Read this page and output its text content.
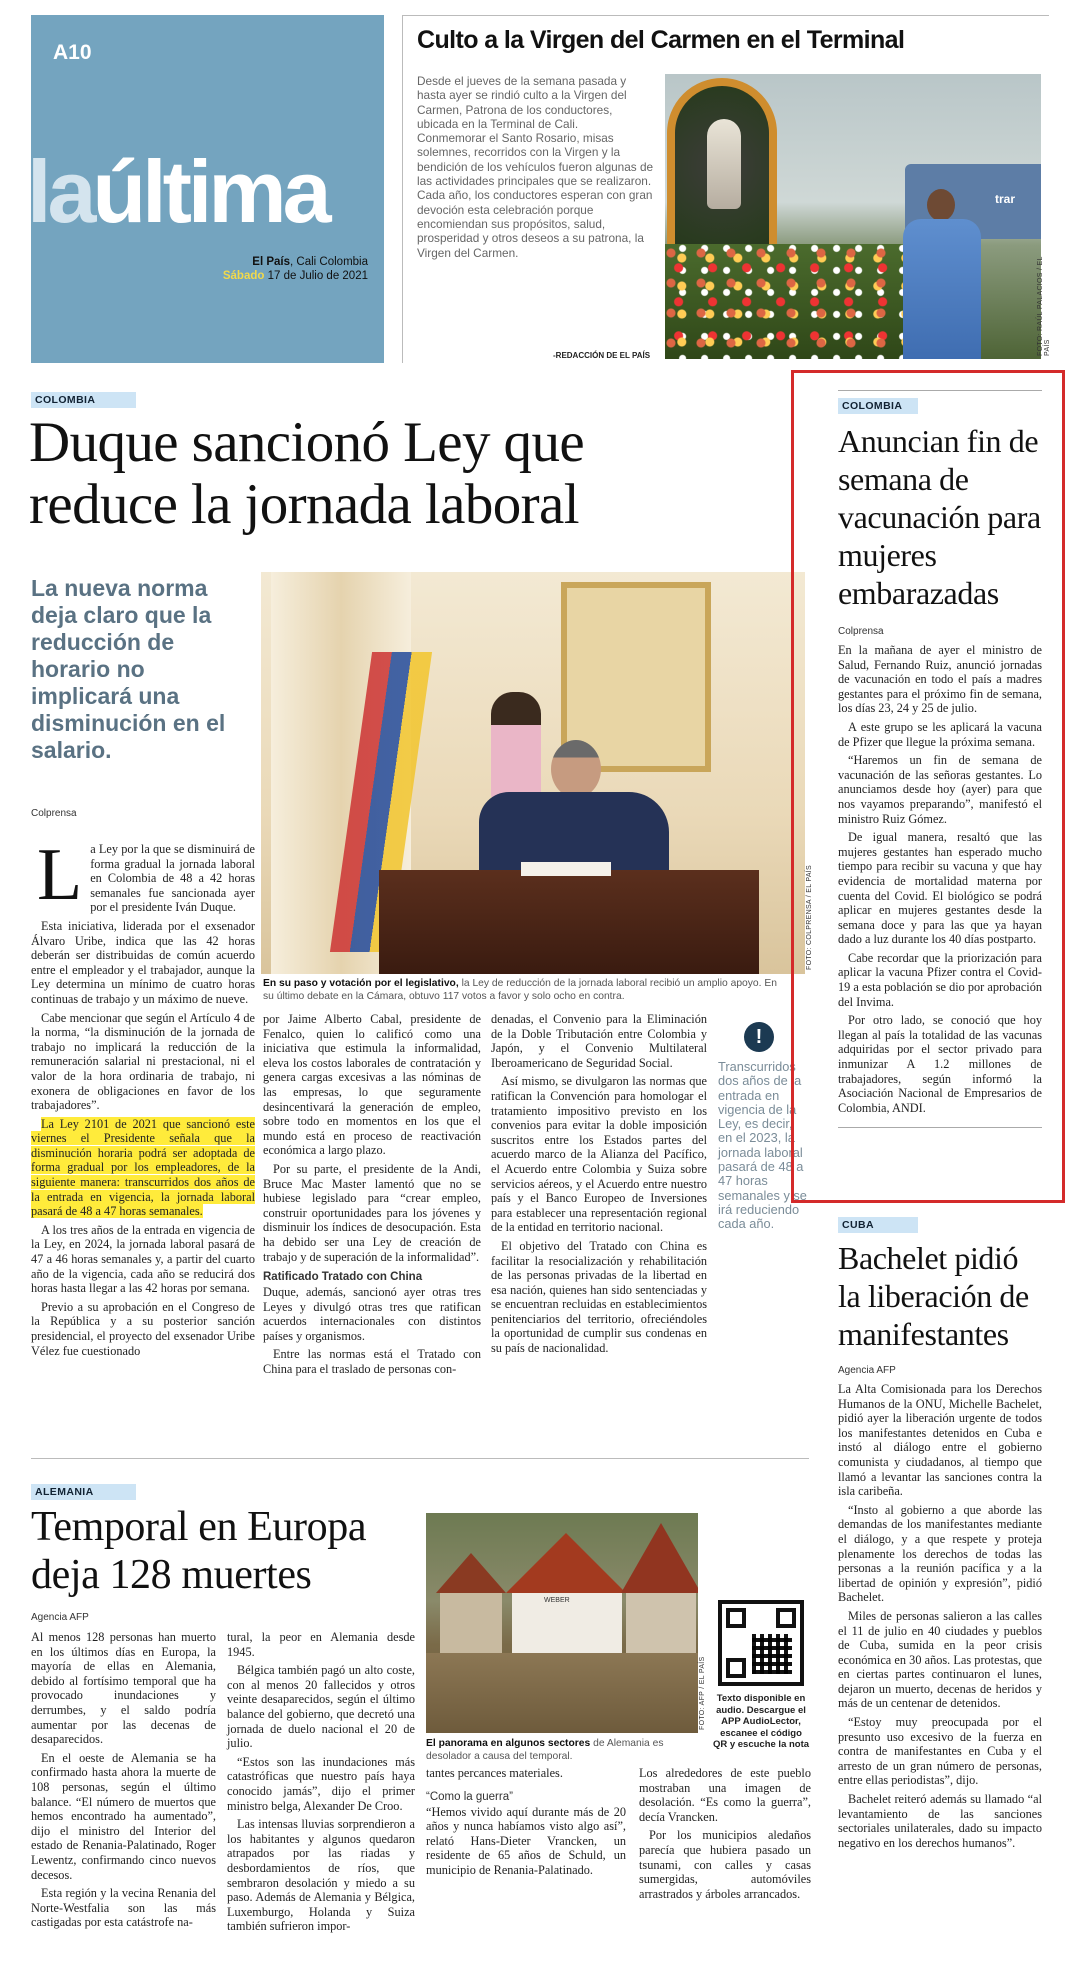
A10
laúltima
El País, Cali Colombia
Sábado 17 de Julio de 2021
Culto a la Virgen del Carmen en el Terminal

Desde el jueves de la semana pasada y hasta ayer se rindió culto a la Virgen del Carmen, Patrona de los conductores, ubicada en la Terminal de Cali.

Conmemorar el Santo Rosario, misas solemnes, recorridos con la Virgen y la bendición de los vehículos fueron algunas de las actividades principales que se realizaron.

Cada año, los conductores esperan con gran devoción esta celebración porque encomiendan sus propósitos, salud, prosperidad y otros deseos a su patrona, la Virgen del Carmen.

-REDACCIÓN DE EL PAÍS
trar
FOTO: RAÚL PALACIOS / EL PAÍS
COLOMBIA
Duque sancionó Ley que
reduce la jornada laboral
La nueva norma deja claro que la reducción de horario no implicará una disminución en el salario.
Colprensa
FOTO: COLPRENSA / EL PAÍS
En su paso y votación por el legislativo, la Ley de reducción de la jornada laboral recibió un amplio apoyo. En su último debate en la Cámara, obtuvo 117 votos a favor y solo ocho en contra.
La Ley por la que se disminuirá de forma gradual la jornada laboral en Colombia de 48 a 42 horas semanales fue sancionada ayer por el presidente Iván Duque.

Esta iniciativa, liderada por el exsenador Álvaro Uribe, indica que las 42 horas deberán ser distribuidas de común acuerdo entre el empleador y el trabajador, aunque la Ley determina un mínimo de cuatro horas continuas de trabajo y un máximo de nueve.

Cabe mencionar que según el Artículo 4 de la norma, “la disminución de la jornada de trabajo no implicará la reducción de la remuneración salarial ni prestacional, ni el valor de la hora ordinaria de trabajo, ni exonera de obligaciones en favor de los trabajadores”.

La Ley 2101 de 2021 que sancionó este viernes el Presidente señala que la disminución horaria podrá ser adoptada de forma gradual por los empleadores, de la siguiente manera: transcurridos dos años de la entrada en vigencia, la jornada laboral pasará de 48 a 47 horas semanales.

A los tres años de la entrada en vigencia de la Ley, en 2024, la jornada laboral pasará de 47 a 46 horas semanales y, a partir del cuarto año de la vigencia, cada año se reducirá dos horas hasta llegar a las 42 horas por semana.

Previo a su aprobación en el Congreso de la República y a su posterior sanción presidencial, el proyecto del exsenador Uribe Vélez fue cuestionado

por Jaime Alberto Cabal, presidente de Fenalco, quien lo calificó como una iniciativa que estimula la informalidad, eleva los costos laborales de contratación y genera cargas excesivas a las nóminas de las empresas, lo que seguramente desincentivará la generación de empleo, sobre todo en momentos en los que el mundo está en proceso de reactivación económica a largo plazo.

Por su parte, el presidente de la Andi, Bruce Mac Master lamentó que no se hubiese legislado para “crear empleo, construir oportunidades para los jóvenes y disminuir los índices de desocupación. Esta ha debido ser una Ley de creación de trabajo y de superación de la informalidad”.

Ratificado Tratado con China

Duque, además, sancionó ayer otras tres Leyes y divulgó otras tres que ratifican acuerdos internacionales con distintos países y organismos.

Entre las normas está el Tratado con China para el traslado de personas con-

denadas, el Convenio para la Eliminación de la Doble Tributación entre Colombia y Japón, y el Convenio Multilateral Iberoamericano de Seguridad Social.

Así mismo, se divulgaron las normas que ratifican la Convención para homologar el tratamiento impositivo previsto en los convenios para evitar la doble imposición suscritos entre los Estados partes del acuerdo marco de la Alianza del Pacífico, el Acuerdo entre Colombia y Suiza sobre servicios aéreos, y el Acuerdo entre nuestro país y el Banco Europeo de Inversiones para establecer una representación regional de la entidad en territorio nacional.

El objetivo del Tratado con China es facilitar la resocialización y rehabilitación de las personas privadas de la libertad en esa nación, quienes han sido sentenciadas y se encuentran recluidas en establecimientos penitenciarios del territorio, ofreciéndoles la oportunidad de cumplir sus condenas en su país de nacionalidad.

!
Transcurridos dos años de la entrada en vigencia de la Ley, es decir, en el 2023, la jornada laboral pasará de 48 a 47 horas semanales y se irá reduciendo cada año.
COLOMBIA
Anuncian fin de semana de vacunación para mujeres embarazadas
Colprensa

En la mañana de ayer el ministro de Salud, Fernando Ruiz, anunció jornadas de vacunación en todo el país a madres gestantes para el próximo fin de semana, los días 23, 24 y 25 de julio.

A este grupo se les aplicará la vacuna de Pfizer que llegue la próxima semana.

“Haremos un fin de semana de vacunación de las señoras gestantes. Lo anunciamos desde hoy (ayer) para que nos vayamos preparando”, manifestó el ministro Ruiz Gómez.

De igual manera, resaltó que las mujeres gestantes han esperado mucho tiempo para recibir su vacuna y que hay evidencia de mortalidad materna por cuenta del Covid. El biológico se podrá aplicar en mujeres gestantes desde la semana doce y para las que ya hayan dado a luz durante los 40 días postparto.

Cabe recordar que la priorización para aplicar la vacuna Pfizer contra el Covid-19 a esta población se dio por aprobación del Invima.

Por otro lado, se conoció que hoy llegan al país la totalidad de las vacunas adquiridas por el sector privado para inmunizar A 1.2 millones de trabajadores, según informó la Asociación Nacional de Empresarios de Colombia, ANDI.

CUBA
Bachelet pidió la liberación de manifestantes
Agencia AFP

La Alta Comisionada para los Derechos Humanos de la ONU, Michelle Bachelet, pidió ayer la liberación urgente de todos los manifestantes detenidos en Cuba e instó al diálogo entre el gobierno comunista y ciudadanos, al tiempo que llamó a levantar las sanciones contra la isla caribeña.

“Insto al gobierno a que aborde las demandas de los manifestantes mediante el diálogo, y a que respete y proteja plenamente los derechos de todas las personas a la reunión pacífica y a la libertad de opinión y expresión”, pidió Bachelet.

Miles de personas salieron a las calles el 11 de julio en 40 ciudades y pueblos de Cuba, sumida en la peor crisis económica en 30 años. Las protestas, que en ciertas partes continuaron el lunes, dejaron un muerto, decenas de heridos y más de un centenar de detenidos.

“Estoy muy preocupada por el presunto uso excesivo de la fuerza en contra de manifestantes en Cuba y el arresto de un gran número de personas, entre ellas periodistas”, dijo.

Bachelet reiteró además su llamado “al levantamiento de las sanciones sectoriales unilaterales, dado su impacto negativo en los derechos humanos”.

ALEMANIA
Temporal en Europa
deja 128 muertes
Agencia AFP

Al menos 128 personas han muerto en los últimos días en Europa, la mayoría de ellas en Alemania, debido al fortísimo temporal que ha provocado inundaciones y derrumbes, y el saldo podría aumentar por las decenas de desaparecidos.

En el oeste de Alemania se ha confirmado hasta ahora la muerte de 108 personas, según el último balance. “El número de muertos que hemos encontrado ha aumentado”, dijo el ministro del Interior del estado de Renania-Palatinado, Roger Lewentz, confirmando cinco nuevos decesos.

Esta región y la vecina Renania del Norte-Westfalia son las más castigadas por esta catástrofe na-

tural, la peor en Alemania desde 1945.

Bélgica también pagó un alto coste, con al menos 20 fallecidos y otros veinte desaparecidos, según el último balance del gobierno, que decretó una jornada de duelo nacional el 20 de julio.

“Estos son las inundaciones más catastróficas que nuestro país haya conocido jamás”, dijo el primer ministro belga, Alexander De Croo.

Las intensas lluvias sorprendieron a los habitantes y algunos quedaron atrapados por las riadas y desbordamientos de ríos, que sembraron desolación y miedo a su paso. Además de Alemania y Bélgica, Luxemburgo, Holanda y Suiza también sufrieron impor-

WEBER
FOTO: AFP / EL PAÍS
El panorama en algunos sectores de Alemania es desolador a causa del temporal.
Texto disponible en audio. Descargue el APP AudioLector, escanee el código QR y escuche la nota

tantes percances materiales.

“Como la guerra”

“Hemos vivido aquí durante más de 20 años y nunca habíamos visto algo así”, relató Hans-Dieter Vrancken, un residente de 65 años de Schuld, un municipio de Renania-Palatinado.

Los alrededores de este pueblo mostraban una imagen de desolación. “Es como la guerra”, decía Vrancken.

Por los municipios aledaños parecía que hubiera pasado un tsunami, con calles y casas sumergidas, automóviles arrastrados y árboles arrancados.
